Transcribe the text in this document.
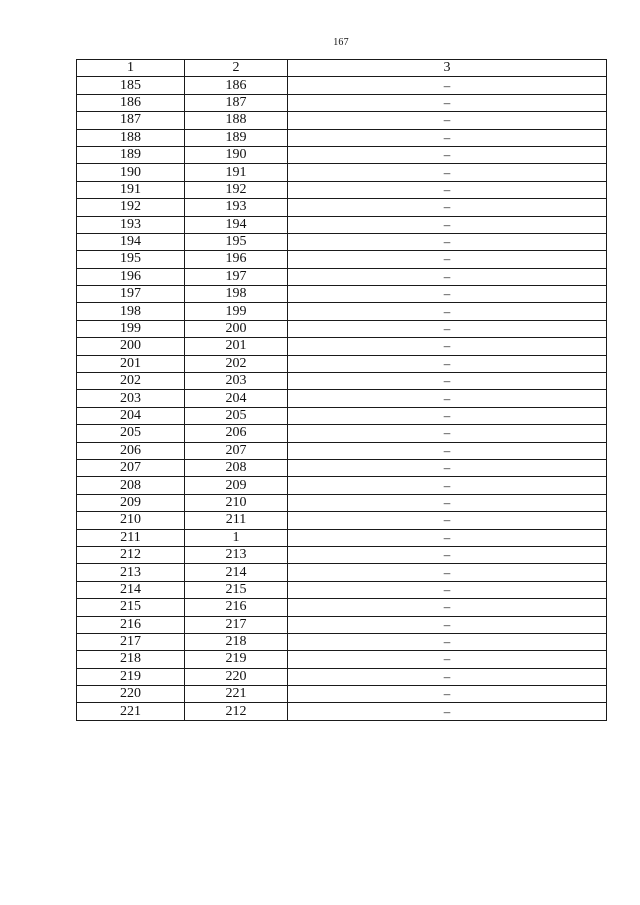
167
1	2	3
185	186	–
186	187	–
187	188	–
188	189	–
189	190	–
190	191	–
191	192	–
192	193	–
193	194	–
194	195	–
195	196	–
196	197	–
197	198	–
198	199	–
199	200	–
200	201	–
201	202	–
202	203	–
203	204	–
204	205	–
205	206	–
206	207	–
207	208	–
208	209	–
209	210	–
210	211	–
211	1	–
212	213	–
213	214	–
214	215	–
215	216	–
216	217	–
217	218	–
218	219	–
219	220	–
220	221	–
221	212	–
